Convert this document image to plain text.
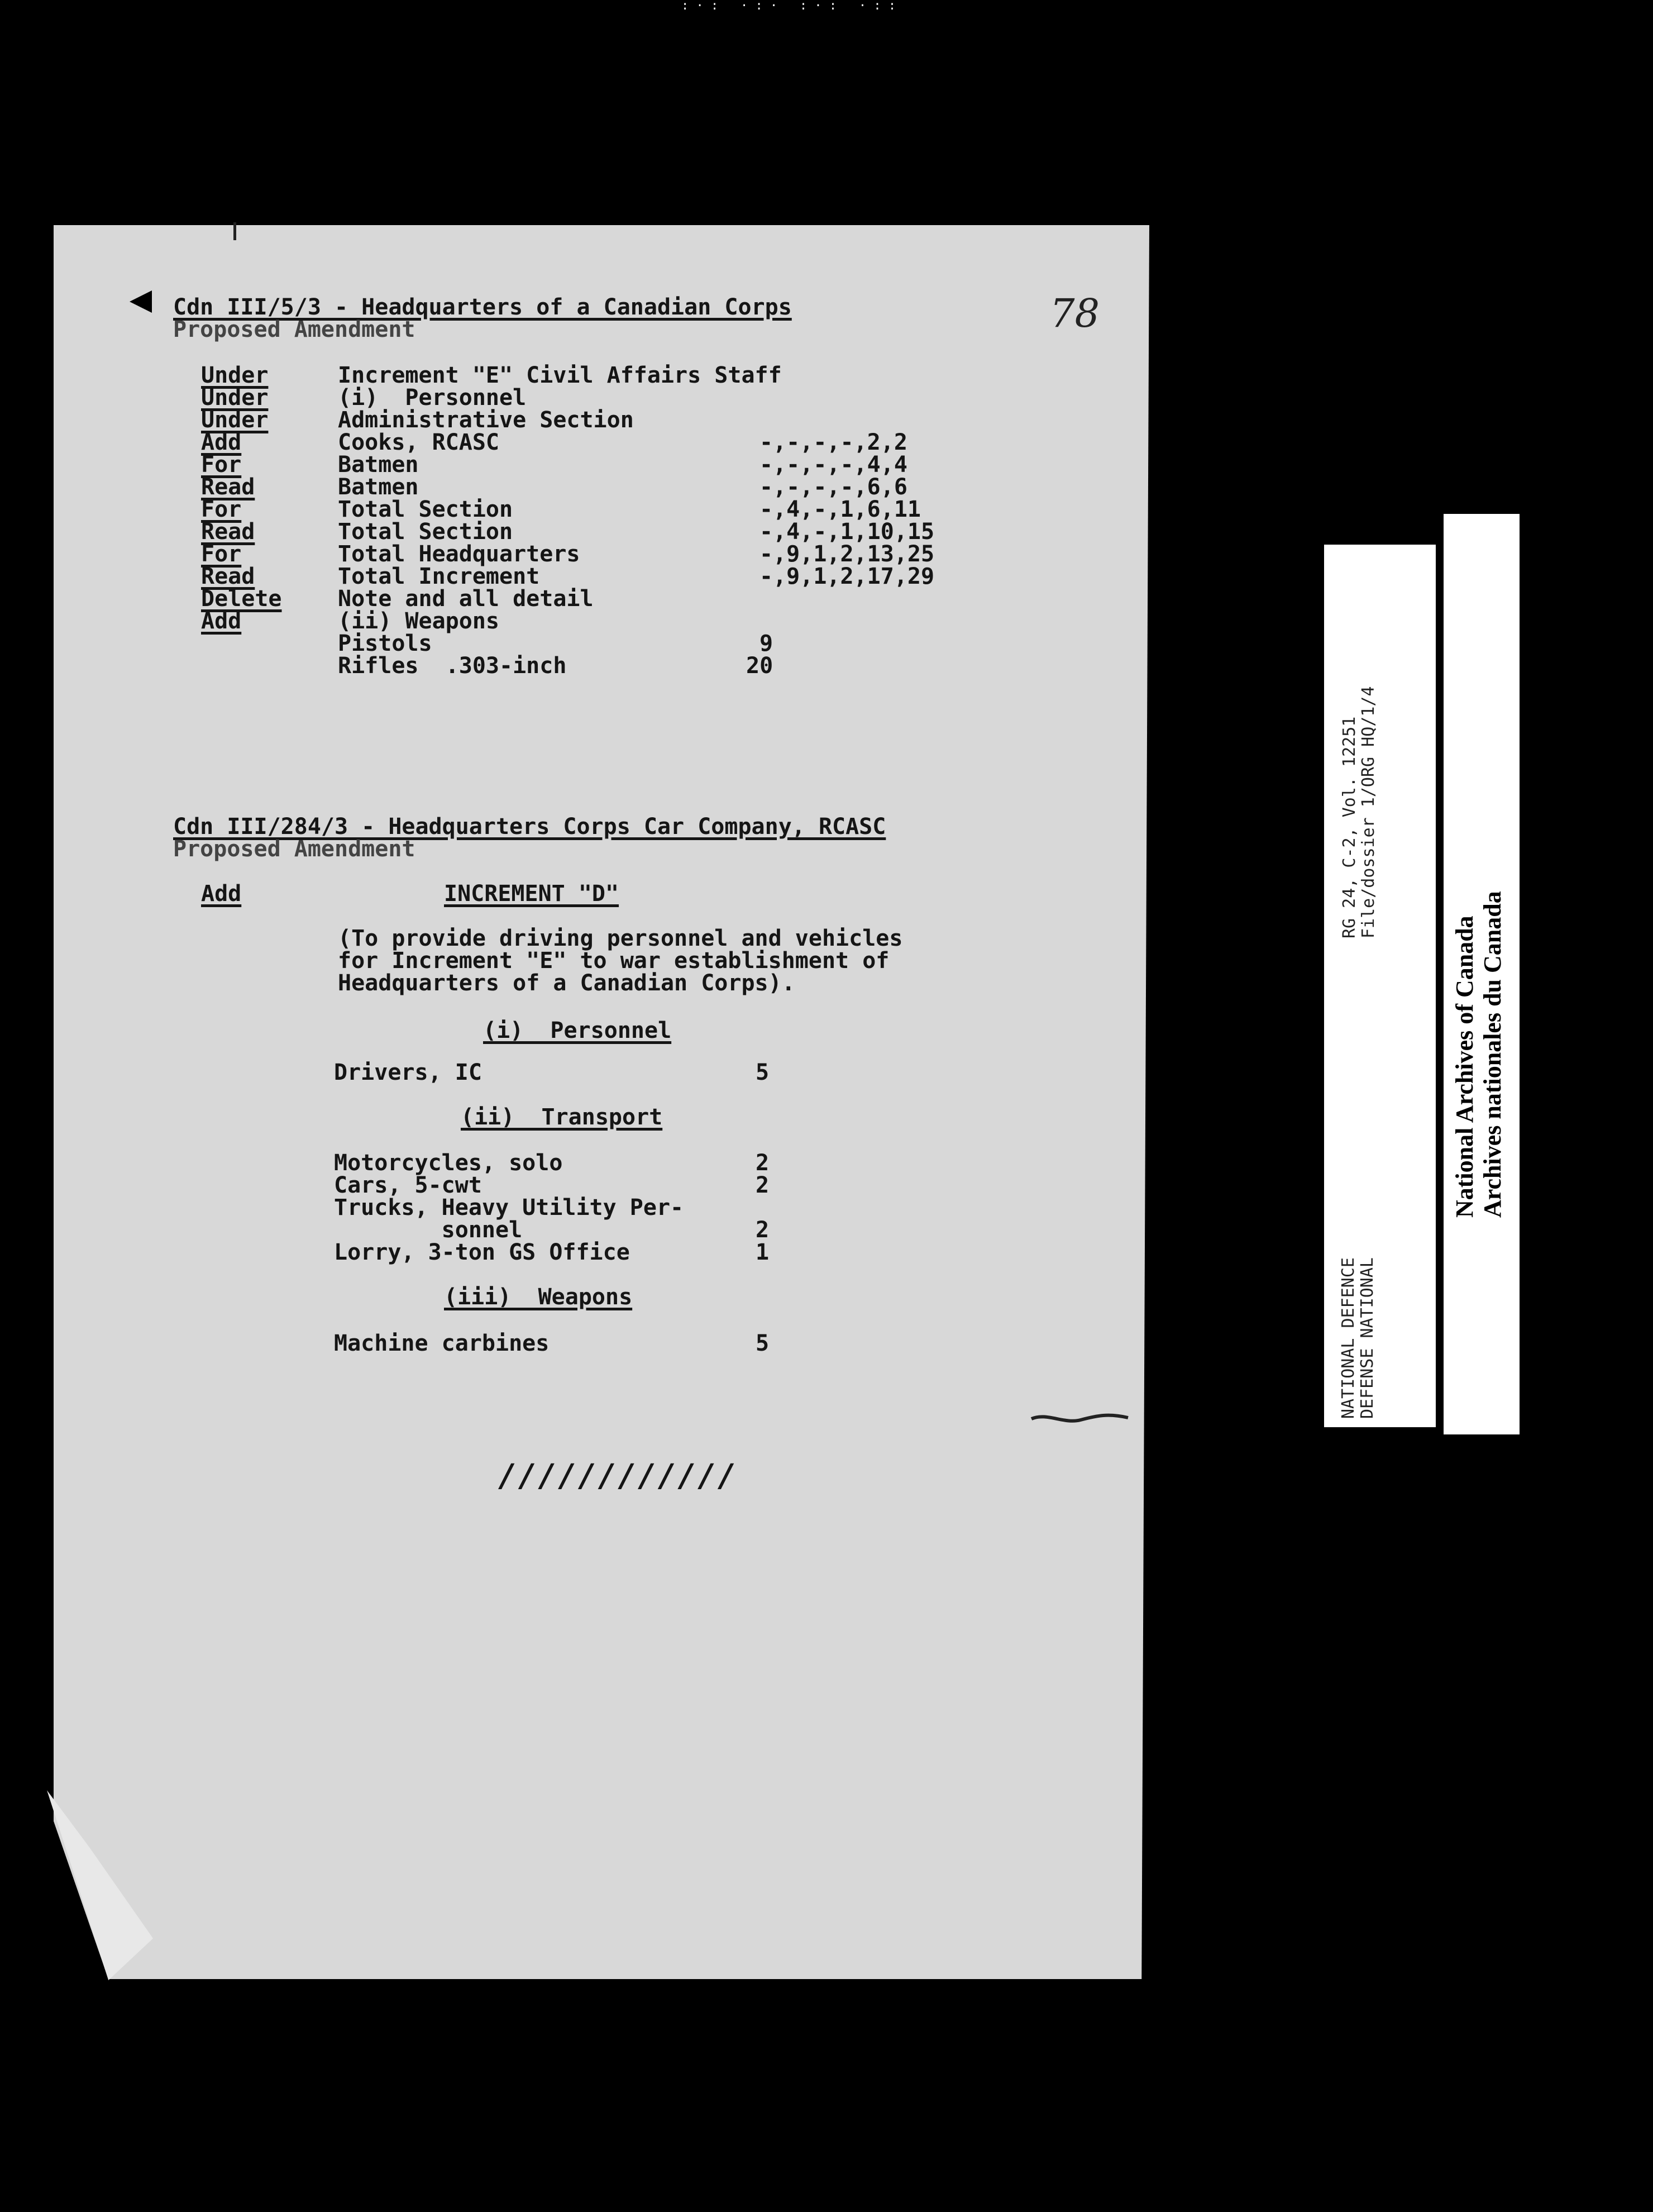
: · :   · : ·   : · :   · : :
78
Cdn III/5/3 - Headquarters of a Canadian Corps
Proposed Amendment
Under	Increment "E" Civil Affairs Staff
Under	(i)  Personnel
Under	Administrative Section
Add	Cooks, RCASC	-,-,-,-,2,2
For	Batmen	-,-,-,-,4,4
Read	Batmen	-,-,-,-,6,6
For	Total Section	-,4,-,1,6,11
Read	Total Section	-,4,-,1,10,15
For	Total Headquarters	-,9,1,2,13,25
Read	Total Increment	-,9,1,2,17,29
Delete	Note and all detail
Add	(ii) Weapons
Pistols	9
Rifles  .303-inch	20
Cdn III/284/3 - Headquarters Corps Car Company, RCASC
Proposed Amendment
Add	INCREMENT "D"
(To provide driving personnel and vehicles
for Increment "E" to war establishment of
Headquarters of a Canadian Corps).
(i)  Personnel
Drivers, IC	5
(ii)  Transport
Motorcycles, solo	2
Cars, 5-cwt	2
Trucks, Heavy Utility Per-
sonnel	2
Lorry, 3-ton GS Office	1
(iii)  Weapons
Machine carbines	5
////////////
RG 24, C-2, Vol. 12251
File/dossier 1/ORG HQ/1/4
NATIONAL DEFENCE
DEFENSE NATIONAL
National Archives of Canada
Archives nationales du Canada
